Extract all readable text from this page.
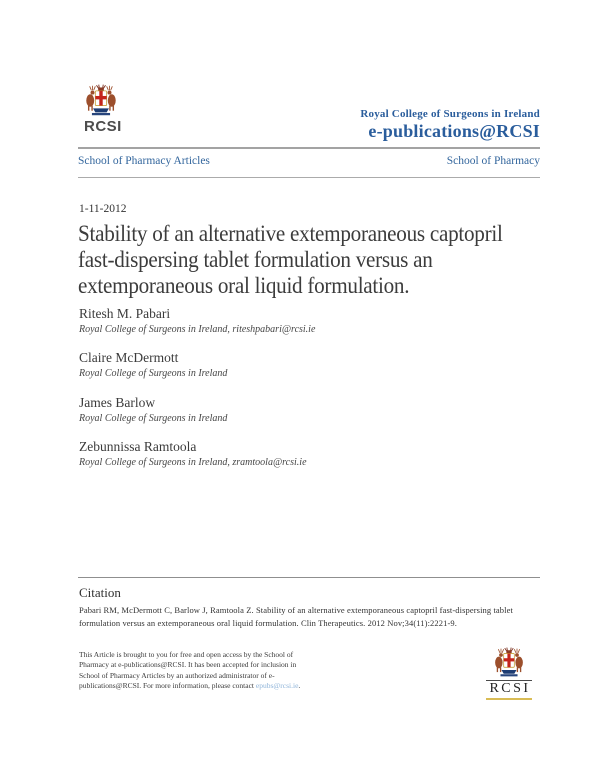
RCSI
Royal College of Surgeons in Ireland
e-publications@RCSI
School of Pharmacy Articles	School of Pharmacy
1-11-2012
Stability of an alternative extemporaneous captopril
fast-dispersing tablet formulation versus an
extemporaneous oral liquid formulation.
Ritesh M. Pabari
Royal College of Surgeons in Ireland, riteshpabari@rcsi.ie
Claire McDermott
Royal College of Surgeons in Ireland
James Barlow
Royal College of Surgeons in Ireland
Zebunnissa Ramtoola
Royal College of Surgeons in Ireland, zramtoola@rcsi.ie
Citation
Pabari RM, McDermott C, Barlow J, Ramtoola Z. Stability of an alternative extemporaneous captopril fast-dispersing tablet formulation versus an extemporaneous oral liquid formulation. Clin Therapeutics. 2012 Nov;34(11):2221-9.
This Article is brought to you for free and open access by the School of Pharmacy at e-publications@RCSI. It has been accepted for inclusion in School of Pharmacy Articles by an authorized administrator of e-publications@RCSI. For more information, please contact epubs@rcsi.ie.	RCSI
